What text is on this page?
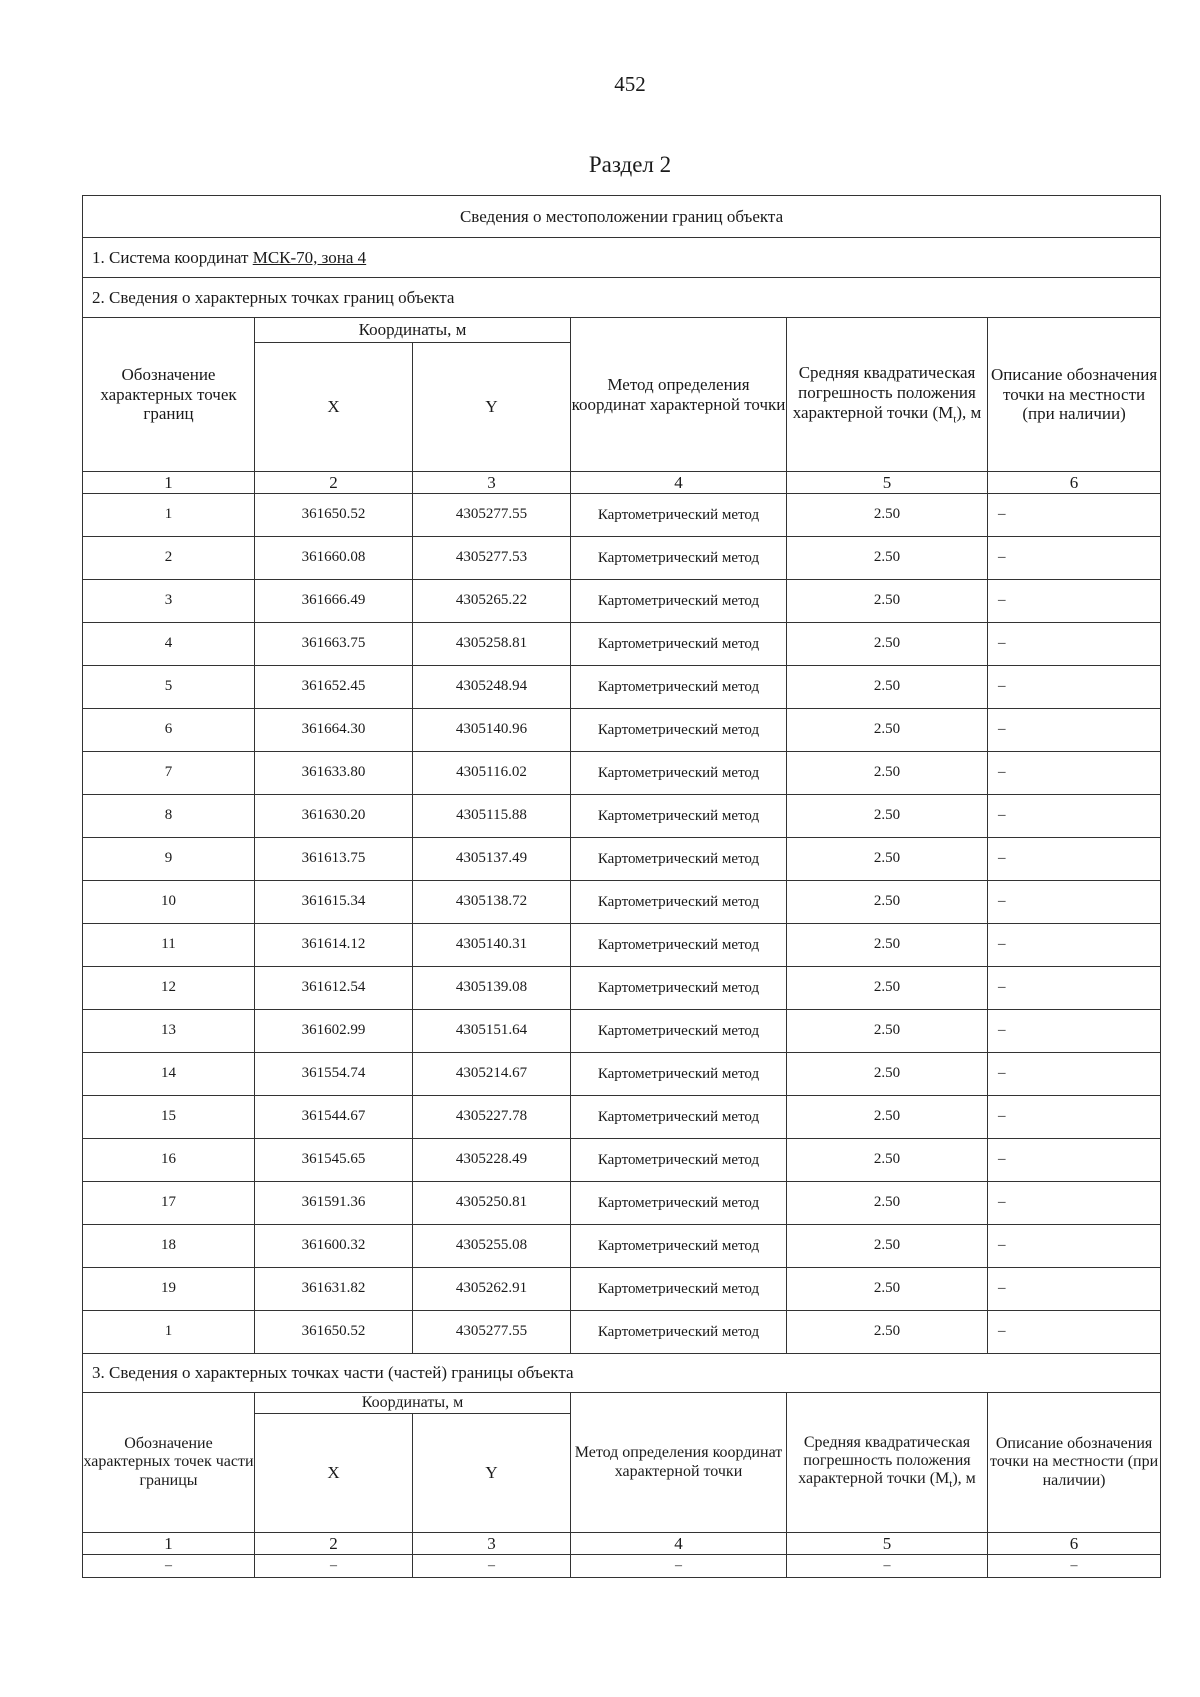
452
Раздел 2
Сведения о местоположении границ объекта					
1. Система координат МСК-70, зона 4					
2. Сведения о характерных точках границ объекта					
Обозначение характерных точек границ	Координаты, м		Метод определения координат характерной точки	Средняя квадратическая погрешность положения характерной точки $(M_t)$, м	Описание обозначения точки на местности (при наличии)
	X	Y			
1	2	3	4	5	6
1	361650.52	4305277.55	Картометрический метод	2.50	–
2	361660.08	4305277.53	Картометрический метод	2.50	–
3	361666.49	4305265.22	Картометрический метод	2.50	–
4	361663.75	4305258.81	Картометрический метод	2.50	–
5	361652.45	4305248.94	Картометрический метод	2.50	–
6	361664.30	4305140.96	Картометрический метод	2.50	–
7	361633.80	4305116.02	Картометрический метод	2.50	–
8	361630.20	4305115.88	Картометрический метод	2.50	–
9	361613.75	4305137.49	Картометрический метод	2.50	–
10	361615.34	4305138.72	Картометрический метод	2.50	–
11	361614.12	4305140.31	Картометрический метод	2.50	–
12	361612.54	4305139.08	Картометрический метод	2.50	–
13	361602.99	4305151.64	Картометрический метод	2.50	–
14	361554.74	4305214.67	Картометрический метод	2.50	–
15	361544.67	4305227.78	Картометрический метод	2.50	–
16	361545.65	4305228.49	Картометрический метод	2.50	–
17	361591.36	4305250.81	Картометрический метод	2.50	–
18	361600.32	4305255.08	Картометрический метод	2.50	–
19	361631.82	4305262.91	Картометрический метод	2.50	–
1	361650.52	4305277.55	Картометрический метод	2.50	–
3. Сведения о характерных точках части (частей) границы объекта					
Обозначение характерных точек части границы	Координаты, м		Метод определения координат характерной точки	Средняя квадратическая погрешность положения характерной точки $(M_t)$, м	Описание обозначения точки на местности (при наличии)
	X	Y			
1	2	3	4	5	6
–	–	–	–	–	–
